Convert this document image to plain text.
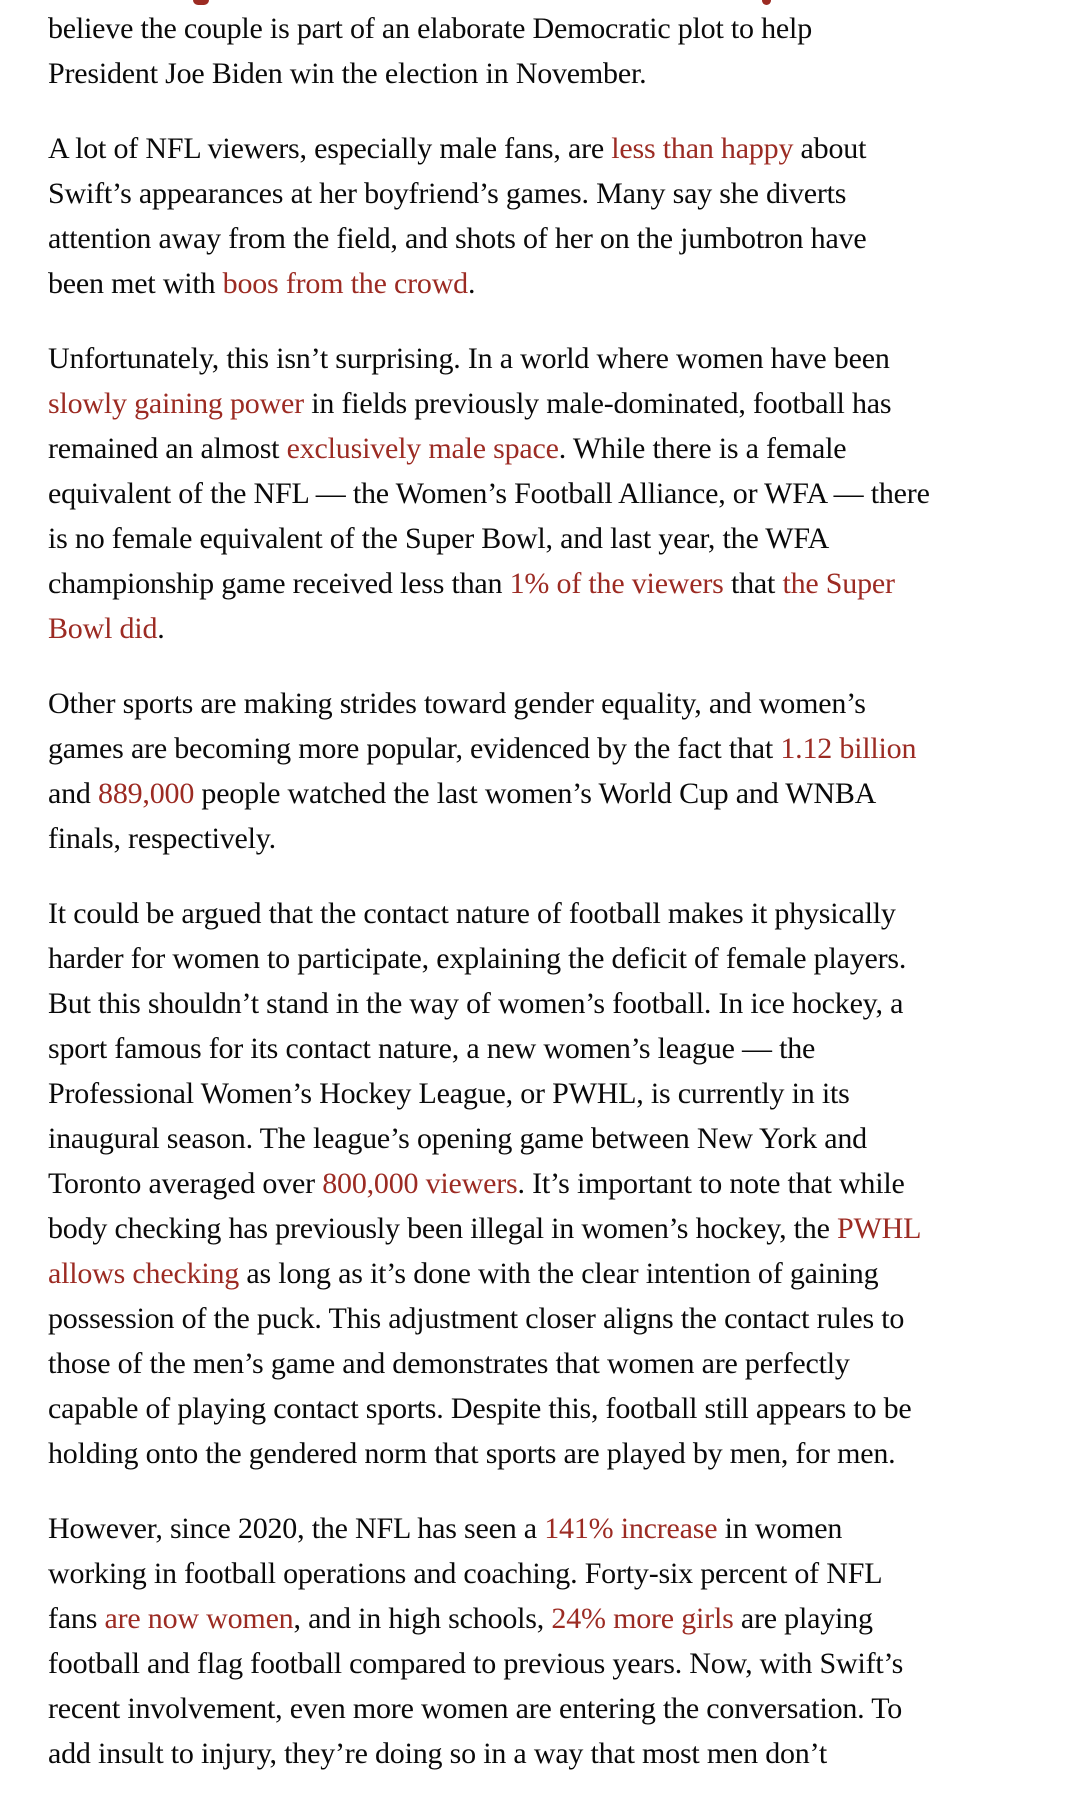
believe the couple is part of an elaborate Democratic plot to help
President Joe Biden win the election in November.

A lot of NFL viewers, especially male fans, are less than happy about
Swift’s appearances at her boyfriend’s games. Many say she diverts
attention away from the field, and shots of her on the jumbotron have
been met with boos from the crowd.

Unfortunately, this isn’t surprising. In a world where women have been
slowly gaining power in fields previously male-dominated, football has
remained an almost exclusively male space. While there is a female
equivalent of the NFL — the Women’s Football Alliance, or WFA — there
is no female equivalent of the Super Bowl, and last year, the WFA
championship game received less than 1% of the viewers that the Super
Bowl did.

Other sports are making strides toward gender equality, and women’s
games are becoming more popular, evidenced by the fact that 1.12 billion
and 889,000 people watched the last women’s World Cup and WNBA
finals, respectively.

It could be argued that the contact nature of football makes it physically
harder for women to participate, explaining the deficit of female players.
But this shouldn’t stand in the way of women’s football. In ice hockey, a
sport famous for its contact nature, a new women’s league — the
Professional Women’s Hockey League, or PWHL, is currently in its
inaugural season. The league’s opening game between New York and
Toronto averaged over 800,000 viewers. It’s important to note that while
body checking has previously been illegal in women’s hockey, the PWHL
allows checking as long as it’s done with the clear intention of gaining
possession of the puck. This adjustment closer aligns the contact rules to
those of the men’s game and demonstrates that women are perfectly
capable of playing contact sports. Despite this, football still appears to be
holding onto the gendered norm that sports are played by men, for men.

However, since 2020, the NFL has seen a 141% increase in women
working in football operations and coaching. Forty-six percent of NFL
fans are now women, and in high schools, 24% more girls are playing
football and flag football compared to previous years. Now, with Swift’s
recent involvement, even more women are entering the conversation. To
add insult to injury, they’re doing so in a way that most men don’t
